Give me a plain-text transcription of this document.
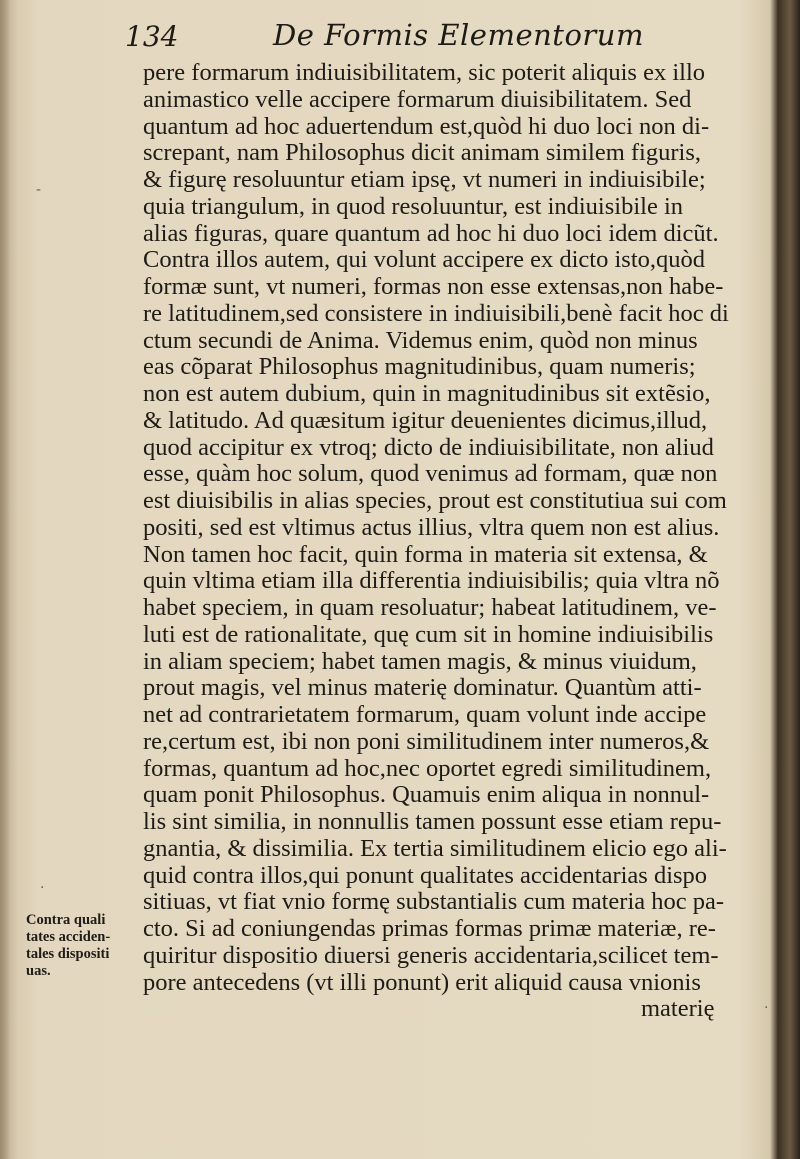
134	De Formis Elementorum
pere formarum indiuisibilitatem, sic poterit aliquis ex illo
animastico velle accipere formarum diuisibilitatem. Sed
quantum ad hoc aduertendum est,quòd hi duo loci non di-
screpant, nam Philosophus dicit animam similem figuris,
& figurę resoluuntur etiam ipsę, vt numeri in indiuisibile;
quia triangulum, in quod resoluuntur, est indiuisibile in
alias figuras, quare quantum ad hoc hi duo loci idem dicũt.
Contra illos autem, qui volunt accipere ex dicto isto,quòd
formæ sunt, vt numeri, formas non esse extensas,non habe-
re latitudinem,sed consistere in indiuisibili,benè facit hoc di
ctum secundi de Anima. Videmus enim, quòd non minus
eas cõparat Philosophus magnitudinibus, quam numeris;
non est autem dubium, quin in magnitudinibus sit extẽsio,
& latitudo. Ad quæsitum igitur deuenientes dicimus,illud,
quod accipitur ex vtroq; dicto de indiuisibilitate, non aliud
esse, quàm hoc solum, quod venimus ad formam, quæ non
est diuisibilis in alias species, prout est constitutiua sui com
positi, sed est vltimus actus illius, vltra quem non est alius.
Non tamen hoc facit, quin forma in materia sit extensa, &
quin vltima etiam illa differentia indiuisibilis; quia vltra nõ
habet speciem, in quam resoluatur; habeat latitudinem, ve-
luti est de rationalitate, quę cum sit in homine indiuisibilis
in aliam speciem; habet tamen magis, & minus viuidum,
prout magis, vel minus materię dominatur. Quantùm atti-
net ad contrarietatem formarum, quam volunt inde accipe
re,certum est, ibi non poni similitudinem inter numeros,&
formas, quantum ad hoc,nec oportet egredi similitudinem,
quam ponit Philosophus. Quamuis enim aliqua in nonnul-
lis sint similia, in nonnullis tamen possunt esse etiam repu-
gnantia, & dissimilia. Ex tertia similitudinem elicio ego ali-
quid contra illos,qui ponunt qualitates accidentarias dispo
sitiuas, vt fiat vnio formę substantialis cum materia hoc pa-
cto. Si ad coniungendas primas formas primæ materiæ, re-
quiritur dispositio diuersi generis accidentaria,scilicet tem-
pore antecedens (vt illi ponunt) erit aliquid causa vnionis
materię
Contra quali
tates acciden-
tales dispositi
uas.
-
·
·
